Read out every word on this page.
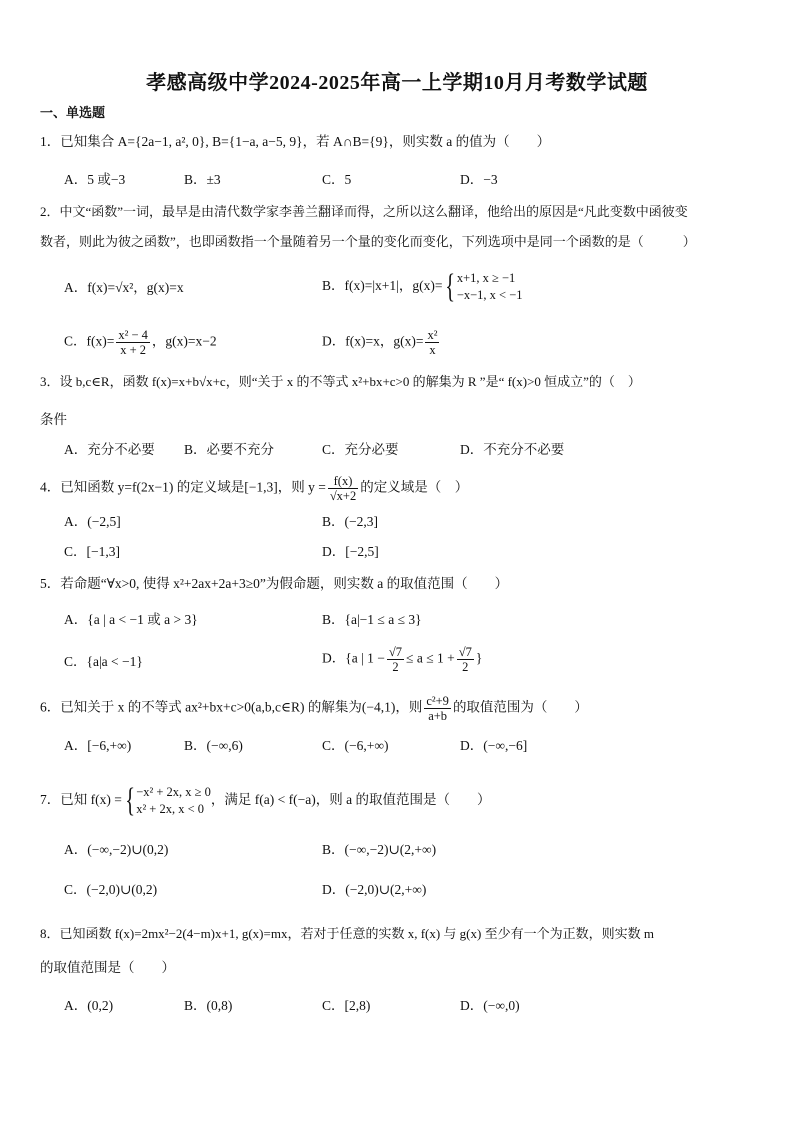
孝感高级中学2024-2025年高一上学期10月月考数学试题
一、单选题
1．已知集合 A={2a−1, a², 0}, B={1−a, a−5, 9}，若 A∩B={9}，则实数 a 的值为（　　）
A．5 或−3	B．±3	C．5	D．−3
2．中文“函数”一词，最早是由清代数学家李善兰翻译而得，之所以这么翻译，他给出的原因是“凡此变数中函彼变
数者，则此为彼之函数”，也即函数指一个量随着另一个量的变化而变化，下列选项中是同一个函数的是（　　　）
A．f(x)=√x²，g(x)=x	B．f(x)=|x+1|，g(x)={ x+1, x ≥ −1
−x−1, x < −1
C．$f(x)= \frac{\text{x² − 4}}{x + 2}$ ，g(x)=x−2	D．f(x)=x，$g(x)= \frac{\text{x²}}{x}$
3．设 b,c∈R，函数 f(x)=x+b√x+c，则“关于 x 的不等式 x²+bx+c>0 的解集为 R ”是“ f(x)>0 恒成立”的（　）
条件
A．充分不必要 B．必要不充分	C．充分必要	D．不充分不必要
4．已知函数 y=f(2x−1) 的定义域是[−1,3]，则 $y = \frac{f(x)}{√x+2}$ 的定义域是（　）
A．(−2,5]	B．(−2,3]
C．[−1,3]	D．[−2,5]
5．若命题“∀x>0, 使得 x²+2ax+2a+3≥0”为假命题，则实数 a 的取值范围（　　）
A．{a | a < −1 或 a > 3}	B．{a|−1 ≤ a ≤ 3}
C．{a|a < −1}	D．{a | $1 - \frac{√7}{2} \le a \le 1 + \frac{√7}{2}$ }
6．已知关于 x 的不等式 ax²+bx+c>0(a,b,c∈R) 的解集为(−4,1)，则 $\frac{\text{c²+9}}{a+b}$ 的取值范围为（　　）
A．[−6,+∞)	B．(−∞,6)	C．(−6,+∞)	D．(−∞,−6]
7．已知 f(x) ={ −x² + 2x, x ≥ 0
x² + 2x, x < 0
，满足 f(a) < f(−a)，则 a 的取值范围是（　　）
A．(−∞,−2)∪(0,2)	B．(−∞,−2)∪(2,+∞)
C．(−2,0)∪(0,2)	D．(−2,0)∪(2,+∞)
8．已知函数 f(x)=2mx²−2(4−m)x+1, g(x)=mx，若对于任意的实数 x, f(x) 与 g(x) 至少有一个为正数，则实数 m
的取值范围是（　　）
A．(0,2)	B．(0,8)	C．[2,8)	D．(−∞,0)
